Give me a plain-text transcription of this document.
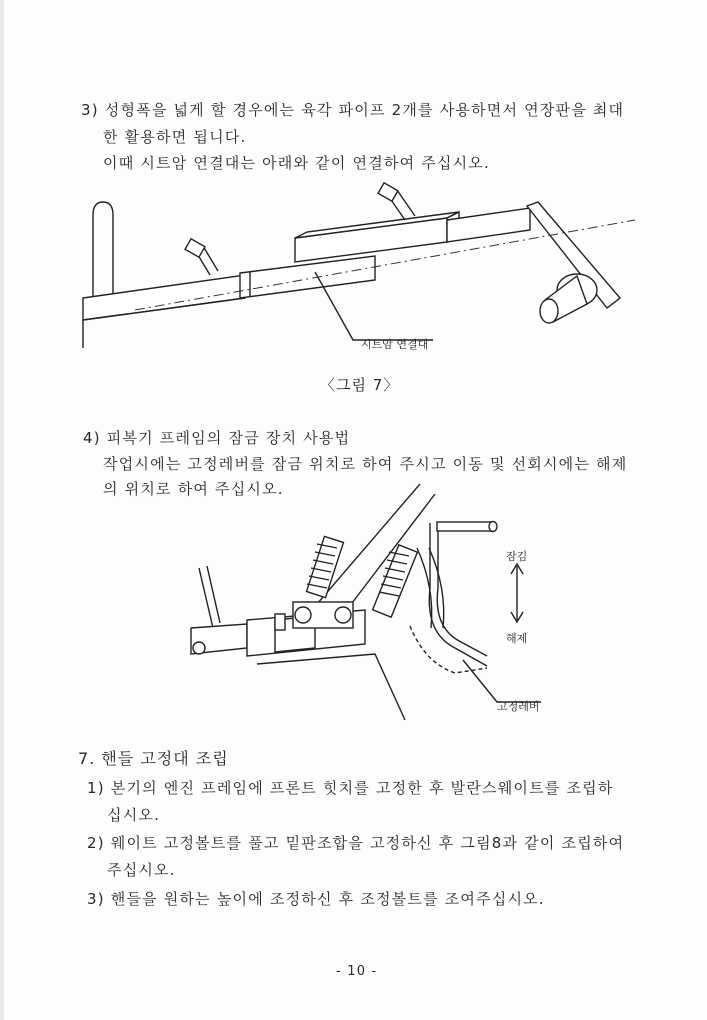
3) 성형폭을 넓게 할 경우에는 육각 파이프 2개를 사용하면서 연장판을 최대
한 활용하면 됩니다.
이때 시트암 연결대는 아래와 같이 연결하여 주십시오.
시트암 연결대
〈그림 7〉
4) 피복기 프레임의 잠금 장치 사용법
작업시에는 고정레버를 잠금 위치로 하여 주시고 이동 및 선회시에는 해제
의 위치로 하여 주십시오.
잠김
해제
고정레버
7. 핸들 고정대 조립
1) 본기의 엔진 프레임에 프론트 힛치를 고정한 후 발란스웨이트를 조립하
십시오.
2) 웨이트 고정볼트를 풀고 밑판조합을 고정하신 후 그림8과 같이 조립하여
주십시오.
3) 핸들을 원하는 높이에 조정하신 후 조정볼트를 조여주십시오.
- 10 -
